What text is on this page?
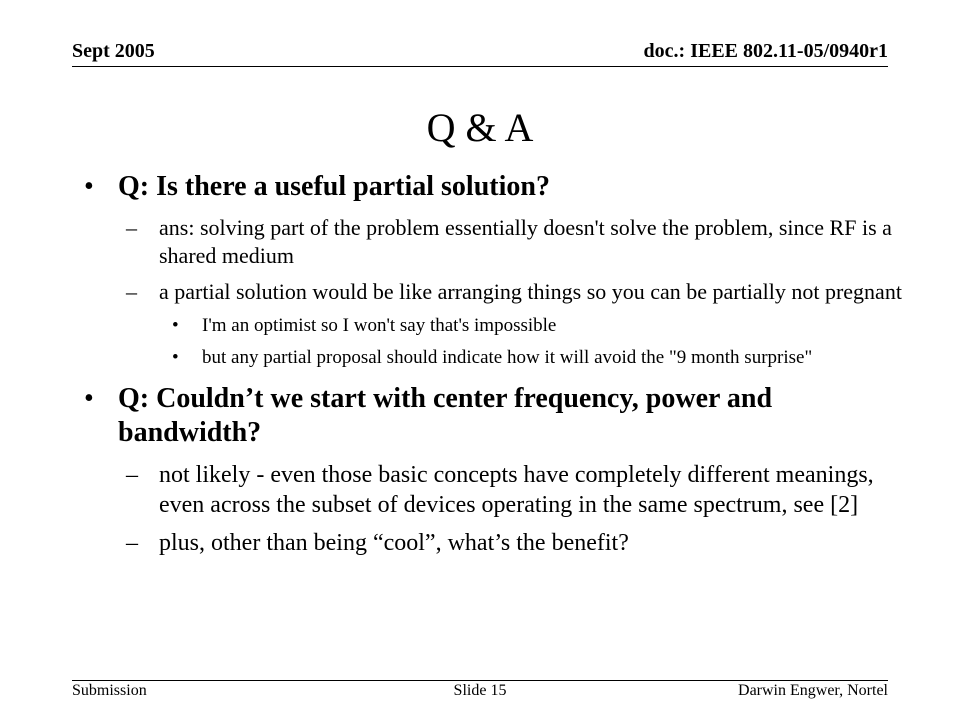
Sept 2005	doc.: IEEE 802.11-05/0940r1
Q & A
• Q: Is there a useful partial solution?
– ans: solving part of the problem essentially doesn't solve the problem, since RF is a shared medium
– a partial solution would be like arranging things so you can be partially not pregnant
• I'm an optimist so I won't say that's impossible
• but any partial proposal should indicate how it will avoid the "9 month surprise"
• Q: Couldn’t we start with center frequency, power and bandwidth?
– not likely - even those basic concepts have completely different meanings, even across the subset of devices operating in the same spectrum, see [2]
– plus, other than being “cool”, what’s the benefit?
Submission	Slide 15	Darwin Engwer, Nortel
